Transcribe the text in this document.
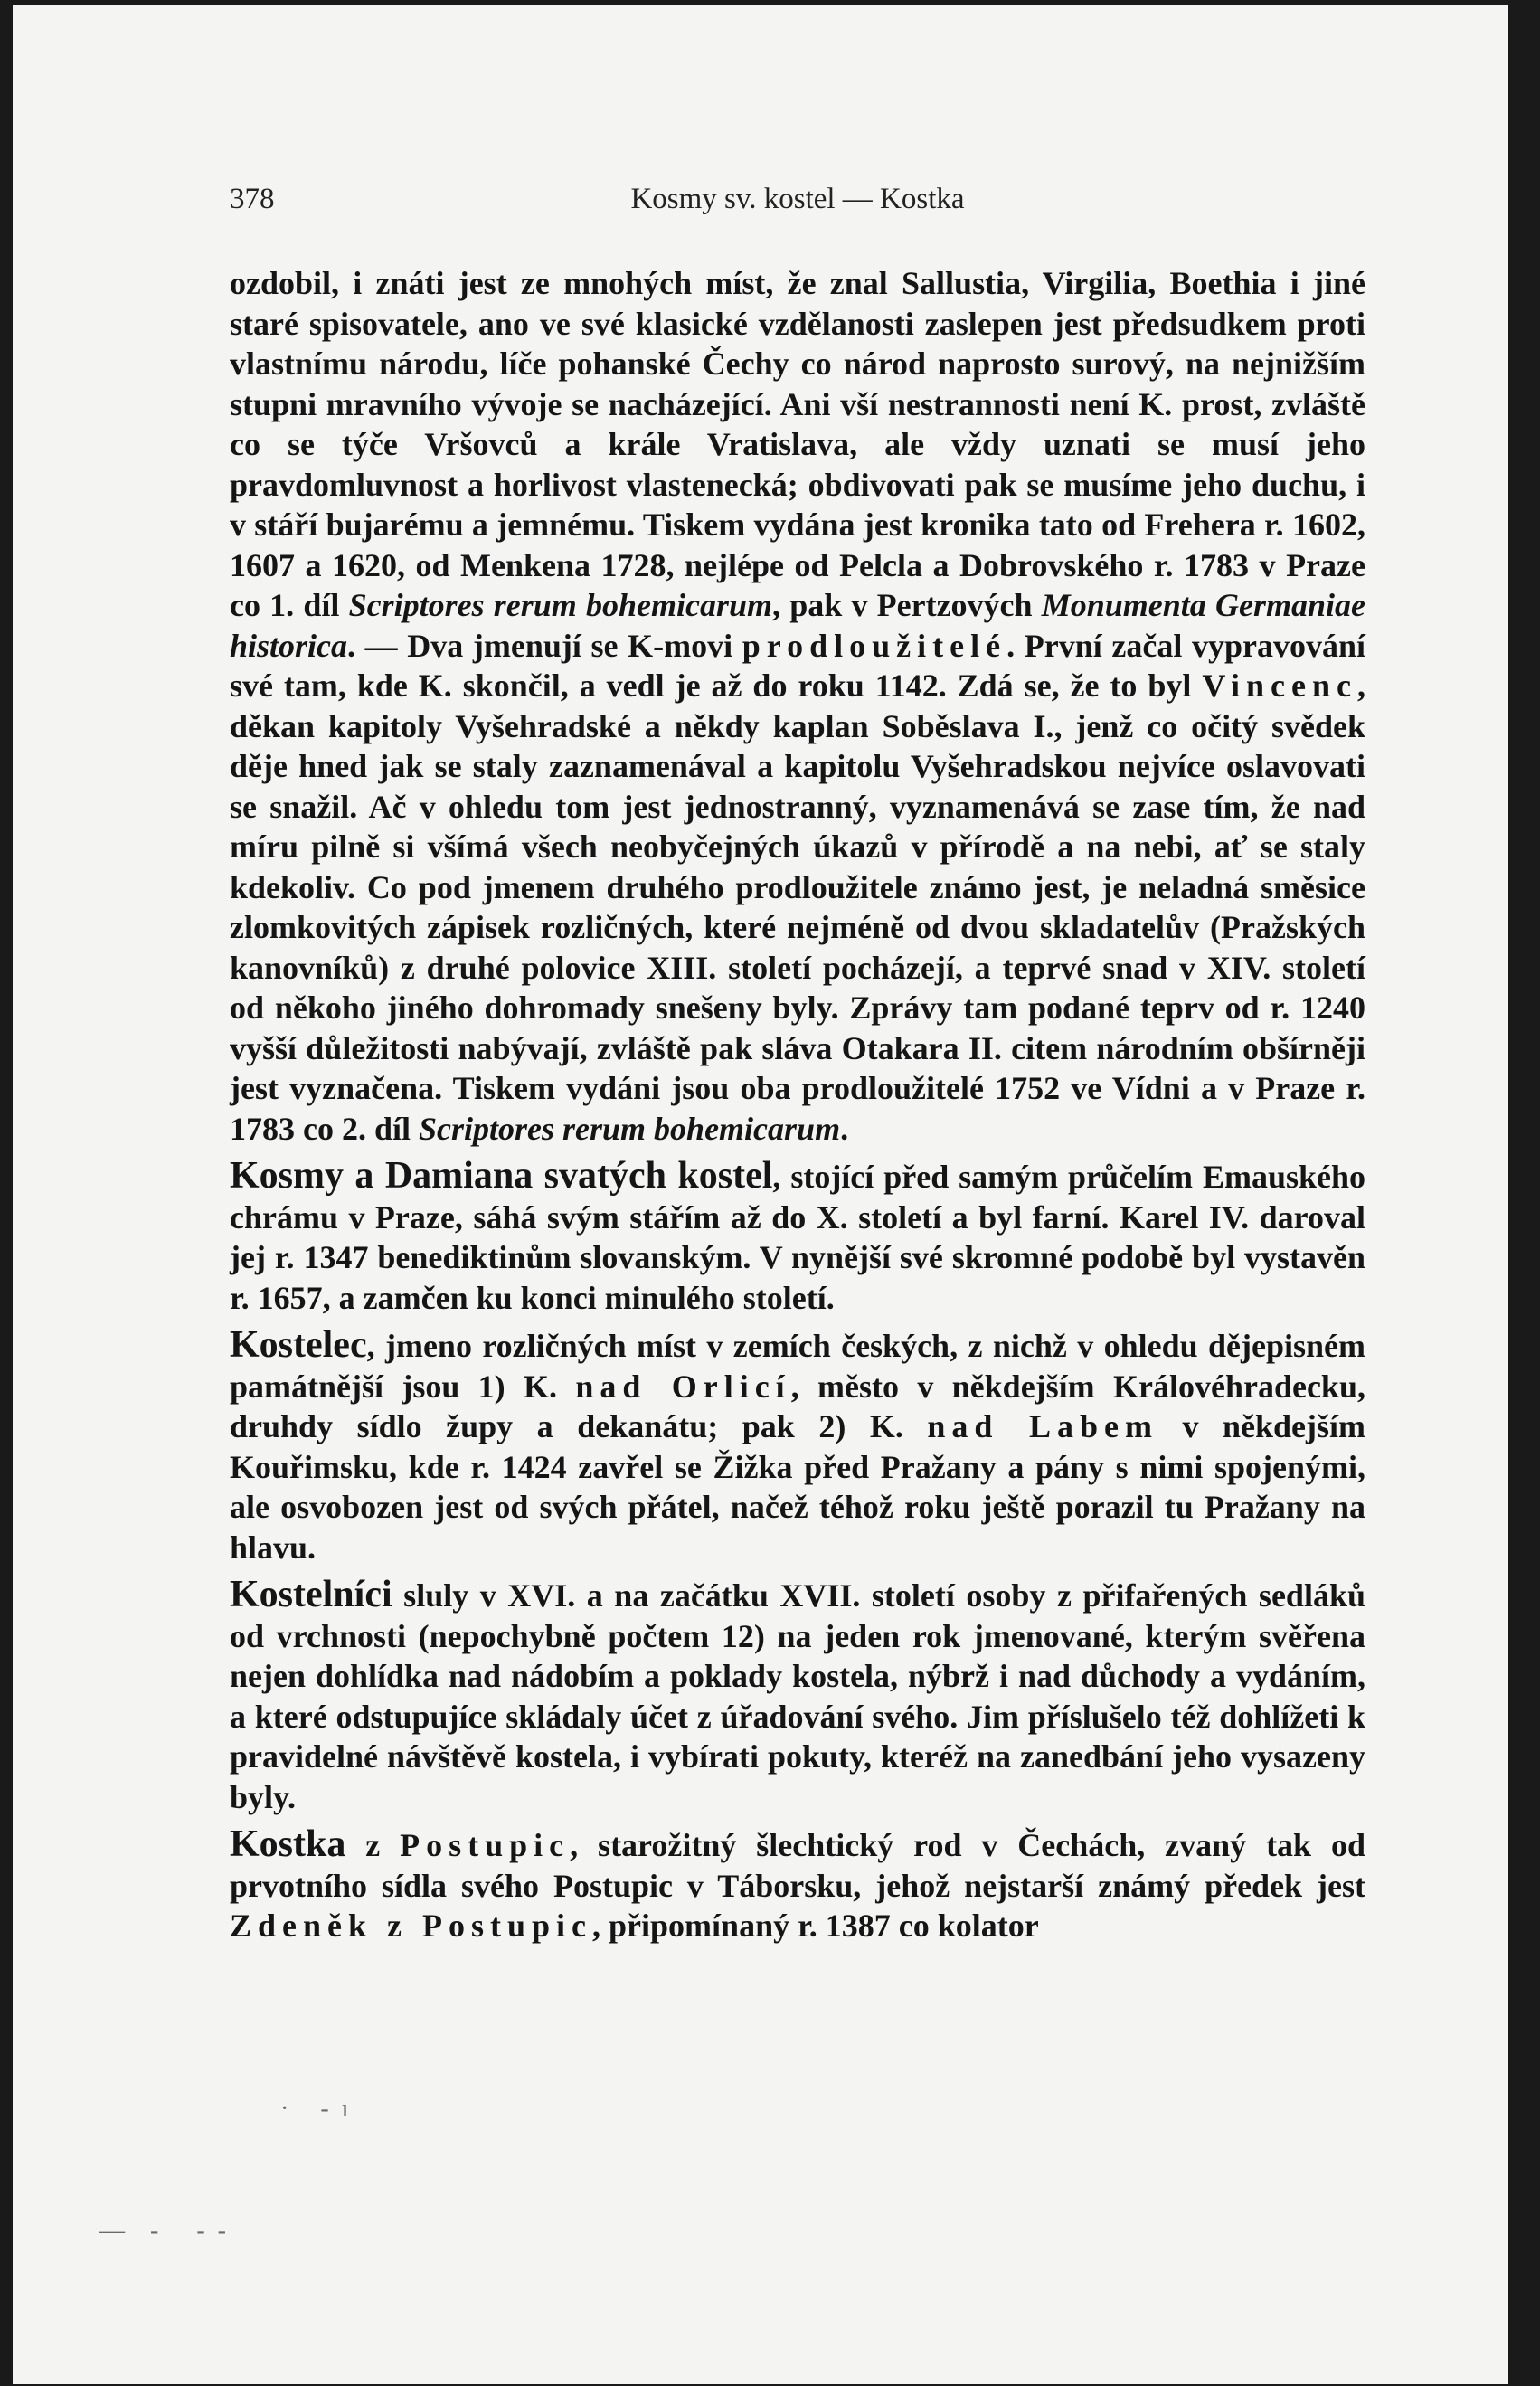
378	Kosmy sv. kostel — Kostka

ozdobil, i znáti jest ze mnohých míst, že znal Sallustia, Virgilia, Boethia i jiné staré spisovatele, ano ve své klasické vzdělanosti zaslepen jest předsudkem proti vlastnímu národu, líče pohanské Čechy co národ naprosto surový, na nejnižším stupni mravního vývoje se nacházející. Ani vší nestrannosti není K. prost, zvláště co se týče Vršovců a krále Vratislava, ale vždy uznati se musí jeho pravdomluvnost a horlivost vlastenecká; obdivovati pak se musíme jeho duchu, i v stáří bujarému a jemnému. Tiskem vydána jest kronika tato od Frehera r. 1602, 1607 a 1620, od Menkena 1728, nejlépe od Pelcla a Dobrovského r. 1783 v Praze co 1. díl Scriptores rerum bohemicarum, pak v Pertzových Monumenta Germaniae historica. — Dva jmenují se K-movi prodloužitelé. První začal vypravování své tam, kde K. skončil, a vedl je až do roku 1142. Zdá se, že to byl Vincenc, děkan kapitoly Vyšehradské a někdy kaplan Soběslava I., jenž co očitý svědek děje hned jak se staly zaznamenával a kapitolu Vyšehradskou nejvíce oslavovati se snažil. Ač v ohledu tom jest jednostranný, vyznamenává se zase tím, že nad míru pilně si všímá všech neobyčejných úkazů v přírodě a na nebi, ať se staly kdekoliv. Co pod jmenem druhého prodloužitele známo jest, je neladná směsice zlomkovitých zápisek rozličných, které nejméně od dvou skladatelův (Pražských kanovníků) z druhé polovice XIII. století pocházejí, a teprvé snad v XIV. století od někoho jiného dohromady snešeny byly. Zprávy tam podané teprv od r. 1240 vyšší důležitosti nabývají, zvláště pak sláva Otakara II. citem národním obšírněji jest vyznačena. Tiskem vydáni jsou oba prodloužitelé 1752 ve Vídni a v Praze r. 1783 co 2. díl Scriptores rerum bohemicarum.

Kosmy a Damiana svatých kostel, stojící před samým průčelím Emauského chrámu v Praze, sáhá svým stářím až do X. století a byl farní. Karel IV. daroval jej r. 1347 benediktinům slovanským. V nynější své skromné podobě byl vystavěn r. 1657, a zamčen ku konci minulého století.

Kostelec, jmeno rozličných míst v zemích českých, z nichž v ohledu dějepisném památnější jsou 1) K. nad Orlicí, město v někdejším Královéhradecku, druhdy sídlo župy a dekanátu; pak 2) K. nad Labem v někdejším Kouřimsku, kde r. 1424 zavřel se Žižka před Pražany a pány s nimi spojenými, ale osvobozen jest od svých přátel, načež téhož roku ještě porazil tu Pražany na hlavu.

Kostelníci sluly v XVI. a na začátku XVII. století osoby z přifařených sedláků od vrchnosti (nepochybně počtem 12) na jeden rok jmenované, kterým svěřena nejen dohlídka nad nádobím a poklady kostela, nýbrž i nad důchody a vydáním, a které odstupujíce skládaly účet z úřadování svého. Jim příslušelo též dohlížeti k pravidelné návštěvě kostela, i vybírati pokuty, kteréž na zanedbání jeho vysazeny byly.

Kostka z Postupic, starožitný šlechtický rod v Čechách, zvaný tak od prvotního sídla svého Postupic v Táborsku, jehož nejstarší známý předek jest Zdeněk z Postupic, připomínaný r. 1387 co kolator

·     -  ı
—    -      -  -
